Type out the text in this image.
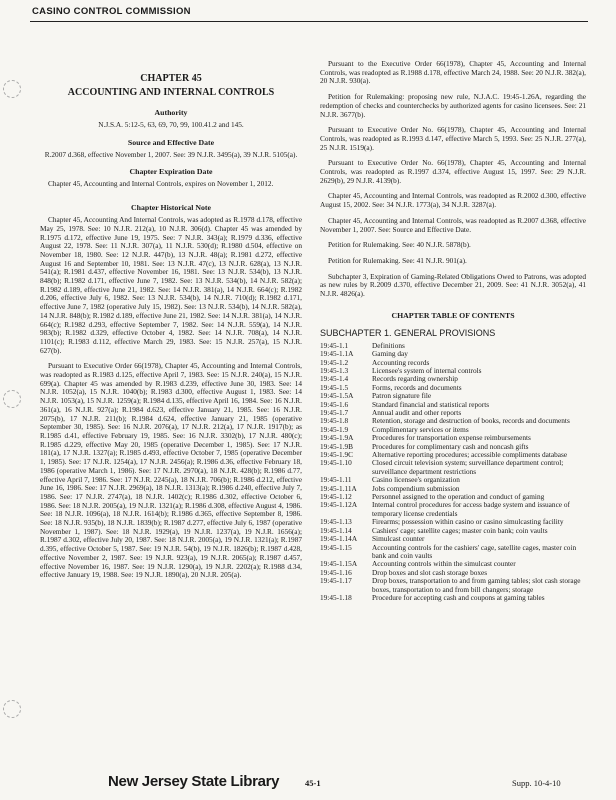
CASINO CONTROL COMMISSION
CHAPTER 45
ACCOUNTING AND INTERNAL CONTROLS
Authority

N.J.S.A. 5:12-5, 63, 69, 70, 99, 100.41.2 and 145.

Source and Effective Date

R.2007 d.368, effective November 1, 2007. See: 39 N.J.R. 3495(a), 39 N.J.R. 5105(a).

Chapter Expiration Date

Chapter 45, Accounting and Internal Controls, expires on November 1, 2012.

Chapter Historical Note

Chapter 45, Accounting And Internal Controls, was adopted as R.1978 d.178, effective May 25, 1978. See: 10 N.J.R. 212(a), 10 N.J.R. 306(d). Chapter 45 was amended by R.1975 d.172, effective June 19, 1975. See: 7 N.J.R. 343(a); R.1979 d.336, effective August 22, 1978. See: 11 N.J.R. 307(a), 11 N.J.R. 530(d); R.1980 d.504, effective on November 18, 1980. See: 12 N.J.R. 447(b), 13 N.J.R. 48(a); R.1981 d.272, effective August 16 and September 10, 1981. See: 13 N.J.R. 47(c), 13 N.J.R. 628(a), 13 N.J.R. 541(a); R.1981 d.437, effective November 16, 1981. See: 13 N.J.R. 534(b), 13 N.J.R. 848(b); R.1982 d.171, effective June 7, 1982. See: 13 N.J.R. 534(b), 14 N.J.R. 582(a); R.1982 d.189, effective June 21, 1982. See: 14 N.J.R. 381(a), 14 N.J.R. 664(c); R.1982 d.206, effective July 6, 1982. See: 13 N.J.R. 534(b), 14 N.J.R. 710(d); R.1982 d.171, effective June 7, 1982 (operative July 15, 1982). See: 13 N.J.R. 534(b), 14 N.J.R. 582(a), 14 N.J.R. 848(b); R.1982 d.189, effective June 21, 1982. See: 14 N.J.R. 381(a), 14 N.J.R. 664(c); R.1982 d.293, effective September 7, 1982. See: 14 N.J.R. 559(a), 14 N.J.R. 983(b); R.1982 d.329, effective October 4, 1982. See: 14 N.J.R. 708(a), 14 N.J.R. 1101(c); R.1983 d.112, effective March 29, 1983. See: 15 N.J.R. 257(a), 15 N.J.R. 627(b).

Pursuant to Executive Order 66(1978), Chapter 45, Accounting and Internal Controls, was readopted as R.1983 d.125, effective April 7, 1983. See: 15 N.J.R. 240(a), 15 N.J.R. 699(a). Chapter 45 was amended by R.1983 d.239, effective June 30, 1983. See: 14 N.J.R. 1052(a), 15 N.J.R. 1040(b); R.1983 d.300, effective August 1, 1983. See: 14 N.J.R. 1053(a), 15 N.J.R. 1259(a); R.1984 d.135, effective April 16, 1984. See: 16 N.J.R. 361(a), 16 N.J.R. 927(a); R.1984 d.623, effective January 21, 1985. See: 16 N.J.R. 2075(b), 17 N.J.R. 211(b); R.1984 d.624, effective January 21, 1985 (operative September 30, 1985). See: 16 N.J.R. 2076(a), 17 N.J.R. 212(a), 17 N.J.R. 1917(b); as R.1985 d.41, effective February 19, 1985. See: 16 N.J.R. 3302(b), 17 N.J.R. 480(c); R.1985 d.229, effective May 20, 1985 (operative December 1, 1985). See: 17 N.J.R. 181(a), 17 N.J.R. 1327(a); R.1985 d.493, effective October 7, 1985 (operative December 1, 1985). See: 17 N.J.R. 1254(a), 17 N.J.R. 2456(a); R.1986 d.36, effective February 18, 1986 (operative March 1, 1986). See: 17 N.J.R. 2970(a), 18 N.J.R. 428(b); R.1986 d.77, effective April 7, 1986. See: 17 N.J.R. 2245(a), 18 N.J.R. 706(b); R.1986 d.212, effective June 16, 1986. See: 17 N.J.R. 2969(a), 18 N.J.R. 1313(a); R.1986 d.240, effective July 7, 1986. See: 17 N.J.R. 2747(a), 18 N.J.R. 1402(c); R.1986 d.302, effective October 6, 1986. See: 18 N.J.R. 2005(a), 19 N.J.R. 1321(a); R.1986 d.308, effective August 4, 1986. See: 18 N.J.R. 1096(a), 18 N.J.R. 1614(b); R.1986 d.365, effective September 8, 1986. See: 18 N.J.R. 935(b), 18 N.J.R. 1839(b); R.1987 d.277, effective July 6, 1987 (operative November 1, 1987). See: 18 N.J.R. 1929(a), 19 N.J.R. 1237(a), 19 N.J.R. 1656(a); R.1987 d.302, effective July 20, 1987. See: 18 N.J.R. 2005(a), 19 N.J.R. 1321(a); R.1987 d.395, effective October 5, 1987. See: 19 N.J.R. 54(b), 19 N.J.R. 1826(b); R.1987 d.428, effective November 2, 1987. See: 19 N.J.R. 923(a), 19 N.J.R. 2065(a); R.1987 d.457, effective November 16, 1987. See: 19 N.J.R. 1290(a), 19 N.J.R. 2202(a); R.1988 d.34, effective January 19, 1988. See: 19 N.J.R. 1890(a), 20 N.J.R. 205(a).

Pursuant to the Executive Order 66(1978), Chapter 45, Accounting and Internal Controls, was readopted as R.1988 d.178, effective March 24, 1988. See: 20 N.J.R. 382(a), 20 N.J.R. 930(a).

Petition for Rulemaking: proposing new rule, N.J.A.C. 19:45-1.26A, regarding the redemption of checks and counterchecks by authorized agents for casino licensees. See: 21 N.J.R. 3677(b).

Pursuant to Executive Order No. 66(1978), Chapter 45, Accounting and Internal Controls, was readopted as R.1993 d.147, effective March 5, 1993. See: 25 N.J.R. 277(a), 25 N.J.R. 1519(a).

Pursuant to Executive Order No. 66(1978), Chapter 45, Accounting and Internal Controls, was readopted as R.1997 d.374, effective August 15, 1997. See: 29 N.J.R. 2629(b), 29 N.J.R. 4139(b).

Chapter 45, Accounting and Internal Controls, was readopted as R.2002 d.300, effective August 15, 2002. See: 34 N.J.R. 1773(a), 34 N.J.R. 3287(a).

Chapter 45, Accounting and Internal Controls, was readopted as R.2007 d.368, effective November 1, 2007. See: Source and Effective Date.

Petition for Rulemaking. See: 40 N.J.R. 5878(b).

Petition for Rulemaking. See: 41 N.J.R. 901(a).

Subchapter 3, Expiration of Gaming-Related Obligations Owed to Patrons, was adopted as new rules by R.2009 d.370, effective December 21, 2009. See: 41 N.J.R. 3052(a), 41 N.J.R. 4826(a).

CHAPTER TABLE OF CONTENTS
SUBCHAPTER 1. GENERAL PROVISIONS
19:45-1.1	Definitions
19:45-1.1A	Gaming day
19:45-1.2	Accounting records
19:45-1.3	Licensee's system of internal controls
19:45-1.4	Records regarding ownership
19:45-1.5	Forms, records and documents
19:45-1.5A	Patron signature file
19:45-1.6	Standard financial and statistical reports
19:45-1.7	Annual audit and other reports
19:45-1.8	Retention, storage and destruction of books, records and documents
19:45-1.9	Complimentary services or items
19:45-1.9A	Procedures for transportation expense reimbursements
19:45-1.9B	Procedures for complimentary cash and noncash gifts
19:45-1.9C	Alternative reporting procedures; accessible compliments database
19:45-1.10	Closed circuit television system; surveillance department control; surveillance department restrictions
19:45-1.11	Casino licensee's organization
19:45-1.11A	Jobs compendium submission
19:45-1.12	Personnel assigned to the operation and conduct of gaming
19:45-1.12A	Internal control procedures for access badge system and issuance of temporary license credentials
19:45-1.13	Firearms; possession within casino or casino simulcasting facility
19:45-1.14	Cashiers' cage; satellite cages; master coin bank; coin vaults
19:45-1.14A	Simulcast counter
19:45-1.15	Accounting controls for the cashiers' cage, satellite cages, master coin bank and coin vaults
19:45-1.15A	Accounting controls within the simulcast counter
19:45-1.16	Drop boxes and slot cash storage boxes
19:45-1.17	Drop boxes, transportation to and from gaming tables; slot cash storage boxes, transportation to and from bill changers; storage
19:45-1.18	Procedure for accepting cash and coupons at gaming tables
New Jersey State Library	45-1	Supp. 10-4-10
